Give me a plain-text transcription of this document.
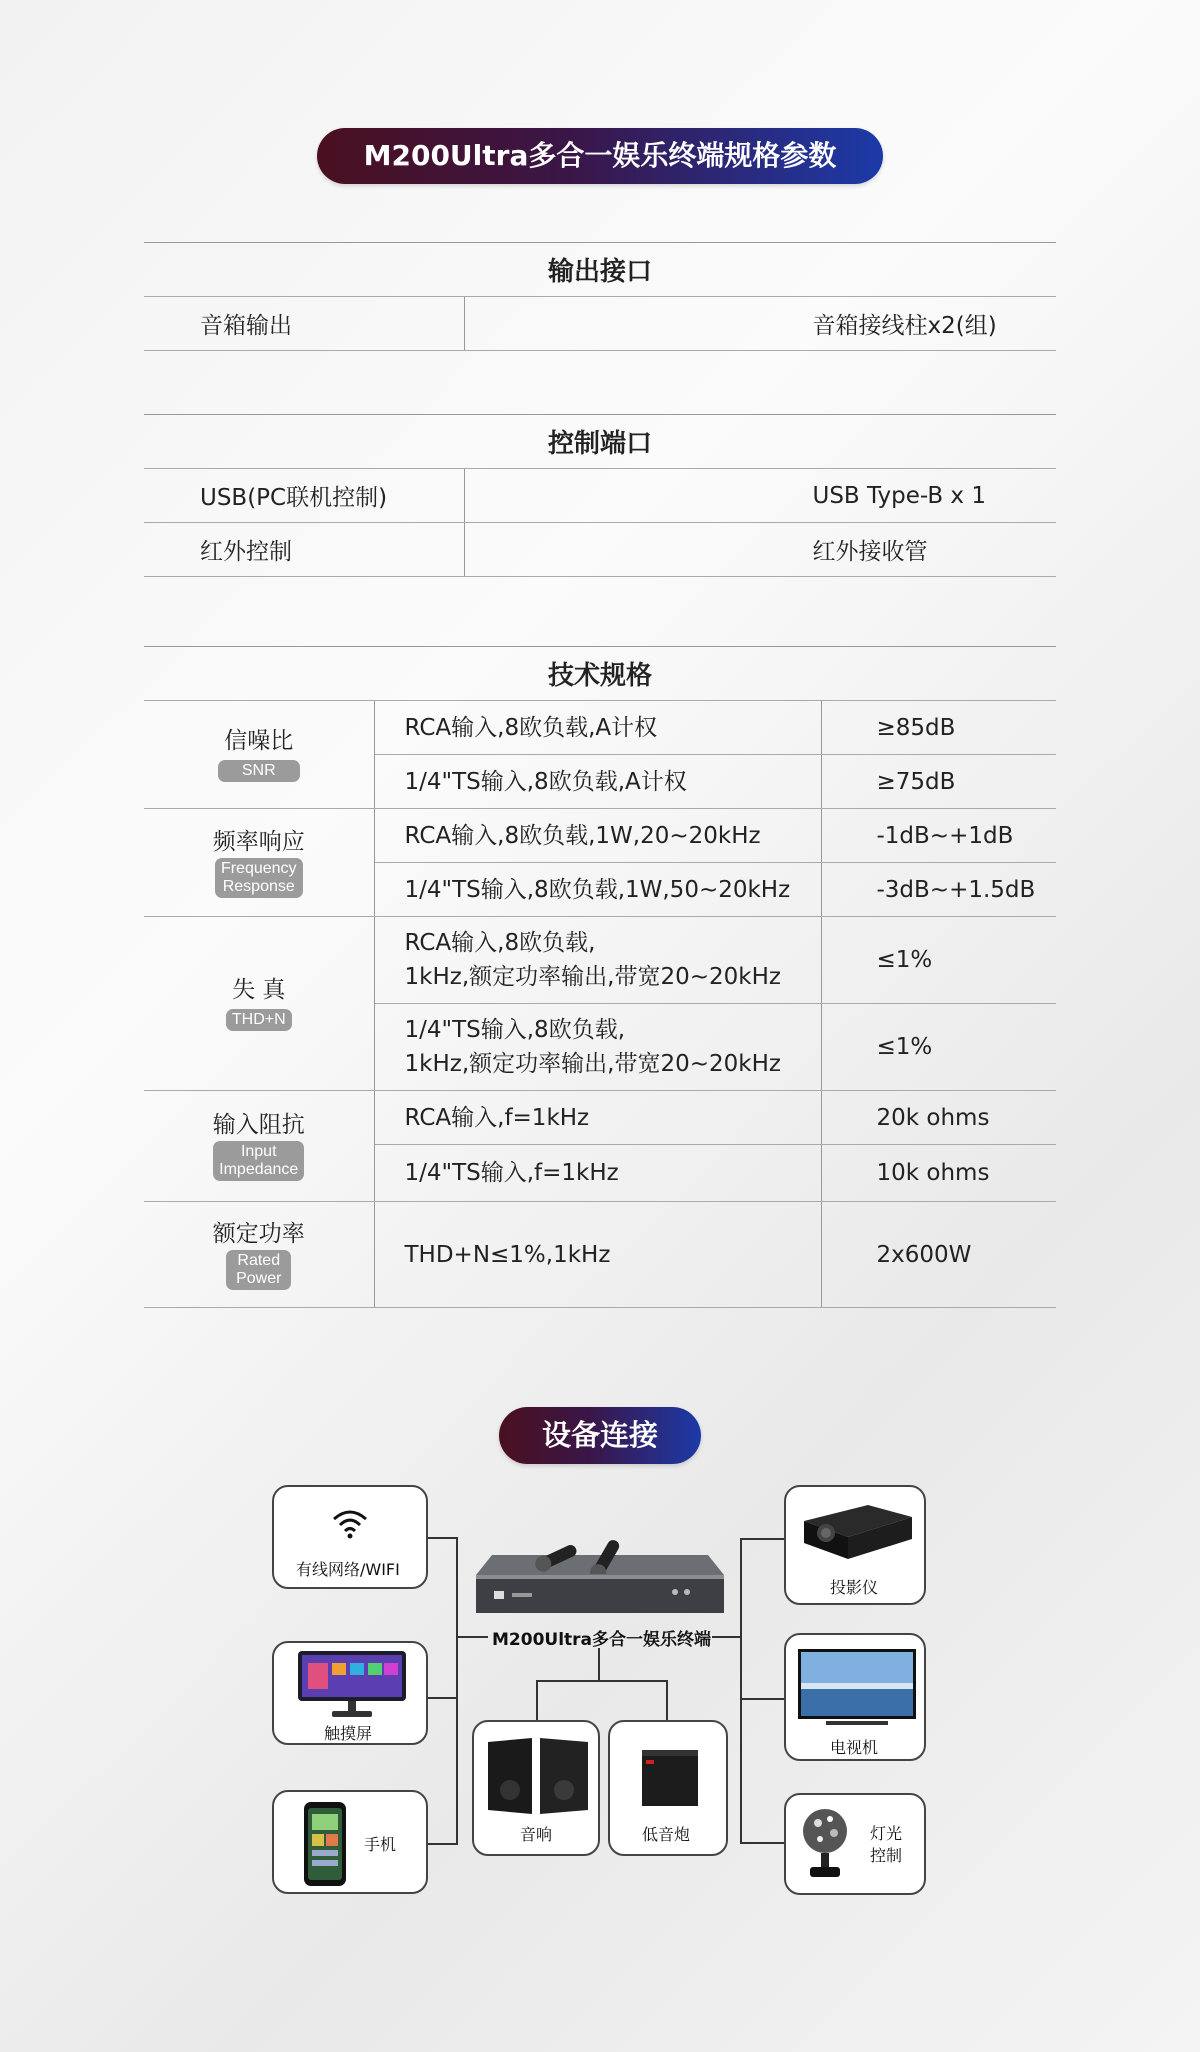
M200Ultra多合一娱乐终端规格参数
输出接口
音箱输出	音箱接线柱x2(组)
控制端口	
USB(PC联机控制)	USB Type-B x 1
红外控制	红外接收管
技术规格		

信噪比
SNR	RCA输入,8欧负载,A计权	≥85dB
	1/4"TS输入,8欧负载,A计权	≥75dB

频率响应
Frequency
Response	RCA输入,8欧负载,1W,20~20kHz	-1dB~+1dB
	1/4"TS输入,8欧负载,1W,50~20kHz	-3dB~+1.5dB

失 真
THD+N	RCA输入,8欧负载,
1kHz,额定功率输出,带宽20~20kHz	≤1%

	1/4"TS输入,8欧负载,
1kHz,额定功率输出,带宽20~20kHz	≤1%

输入阻抗
Input
Impedance	RCA输入,f=1kHz	20k ohms
	1/4"TS输入,f=1kHz	10k ohms

额定功率
Rated
Power	THD+N≤1%,1kHz	2x600W
设备连接
M200Ultra多合一娱乐终端
有线网络/WIFI
触摸屏
手机
音响	低音炮
投影仪
电视机
灯光
控制
